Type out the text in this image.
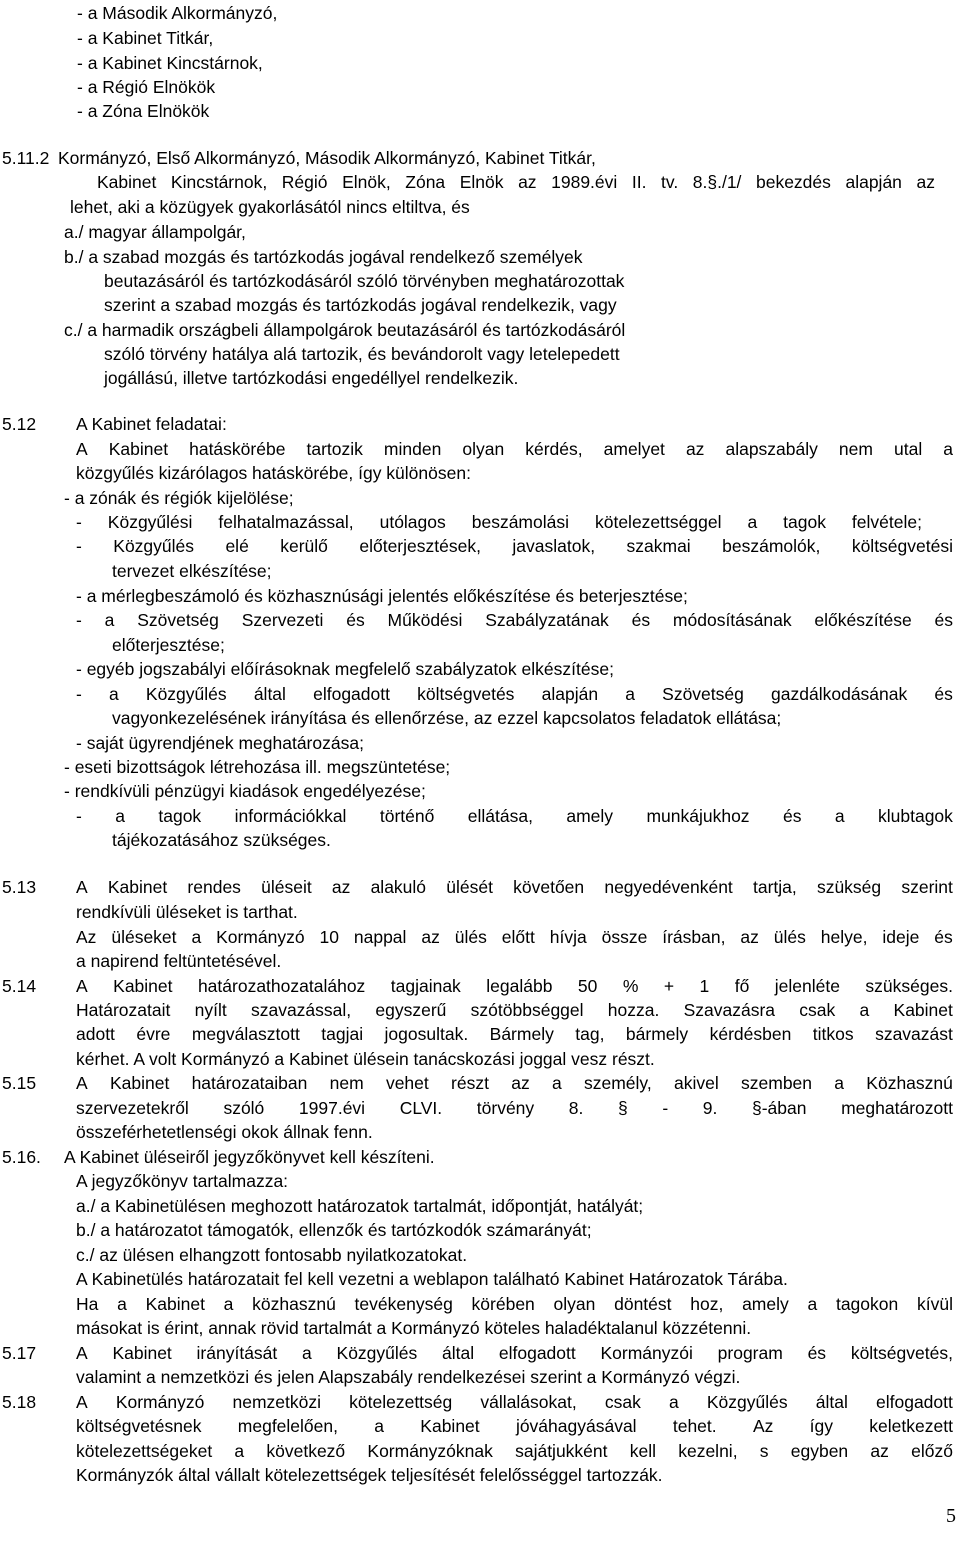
- a Második Alkormányzó,
- a Kabinet Titkár,
- a Kabinet Kincstárnok,
- a Régió Elnökök
- a Zóna Elnökök
5.11.2 Kormányzó, Első Alkormányzó, Második Alkormányzó, Kabinet Titkár,
Kabinet Kincstárnok, Régió Elnök, Zóna Elnök az 1989.évi II. tv. 8.§./1/ bekezdés alapján az
lehet, aki a közügyek gyakorlásától nincs eltiltva, és
a./ magyar állampolgár,
b./ a szabad mozgás és tartózkodás jogával rendelkező személyek
beutazásáról és tartózkodásáról szóló törvényben meghatározottak
szerint a szabad mozgás és tartózkodás jogával rendelkezik, vagy
c./ a harmadik országbeli állampolgárok beutazásáról és tartózkodásáról
szóló törvény hatálya alá tartozik, és bevándorolt vagy letelepedett
jogállású, illetve tartózkodási engedéllyel rendelkezik.
5.12 A Kabinet feladatai:
A Kabinet hatáskörébe tartozik minden olyan kérdés, amelyet az alapszabály nem utal a
közgyűlés kizárólagos hatáskörébe, így különösen:
- a zónák és régiók kijelölése;
- Közgyűlési felhatalmazással, utólagos beszámolási kötelezettséggel a tagok felvétele;
- Közgyűlés elé kerülő előterjesztések, javaslatok, szakmai beszámolók, költségvetési
tervezet elkészítése;
- a mérlegbeszámoló és közhasznúsági jelentés előkészítése és beterjesztése;
- a Szövetség Szervezeti és Működési Szabályzatának és módosításának előkészítése és
előterjesztése;
- egyéb jogszabályi előírásoknak megfelelő szabályzatok elkészítése;
- a Közgyűlés által elfogadott költségvetés alapján a Szövetség gazdálkodásának és
vagyonkezelésének irányítása és ellenőrzése, az ezzel kapcsolatos feladatok ellátása;
- saját ügyrendjének meghatározása;
- eseti bizottságok létrehozása ill. megszüntetése;
- rendkívüli pénzügyi kiadások engedélyezése;
- a tagok információkkal történő ellátása, amely munkájukhoz és a klubtagok
tájékozatásához szükséges.
5.13 A Kabinet rendes üléseit az alakuló ülését követően negyedévenként tartja, szükség szerint
rendkívüli üléseket is tarthat.
Az üléseket a Kormányzó 10 nappal az ülés előtt hívja össze írásban, az ülés helye, ideje és
a napirend feltüntetésével.
5.14 A Kabinet határozathozatalához tagjainak legalább 50 % + 1 fő jelenléte szükséges.
Határozatait nyílt szavazással, egyszerű szótöbbséggel hozza. Szavazásra csak a Kabinet
adott évre megválasztott tagjai jogosultak. Bármely tag, bármely kérdésben titkos szavazást
kérhet. A volt Kormányzó a Kabinet ülésein tanácskozási joggal vesz részt.
5.15 A Kabinet határozataiban nem vehet részt az a személy, akivel szemben a Közhasznú
szervezetekről szóló 1997.évi CLVI. törvény 8. § - 9. §-ában meghatározott
összeférhetetlenségi okok állnak fenn.
5.16. A Kabinet üléseiről jegyzőkönyvet kell készíteni.
A jegyzőkönyv tartalmazza:
a./ a Kabinetülésen meghozott határozatok tartalmát, időpontját, hatályát;
b./ a határozatot támogatók, ellenzők és tartózkodók számarányát;
c./ az ülésen elhangzott fontosabb nyilatkozatokat.
A Kabinetülés határozatait fel kell vezetni a weblapon található Kabinet Határozatok Tárába.
Ha a Kabinet a közhasznú tevékenység körében olyan döntést hoz, amely a tagokon kívül
másokat is érint, annak rövid tartalmát a Kormányzó köteles haladéktalanul közzétenni.
5.17 A Kabinet irányítását a Közgyűlés által elfogadott Kormányzói program és költségvetés,
valamint a nemzetközi és jelen Alapszabály rendelkezései szerint a Kormányzó végzi.
5.18 A Kormányzó nemzetközi kötelezettség vállalásokat, csak a Közgyűlés által elfogadott
költségvetésnek megfelelően, a Kabinet jóváhagyásával tehet. Az így keletkezett
kötelezettségeket a következő Kormányzóknak sajátjukként kell kezelni, s egyben az előző
Kormányzók által vállalt kötelezettségek teljesítését felelősséggel tartozzák.
5
